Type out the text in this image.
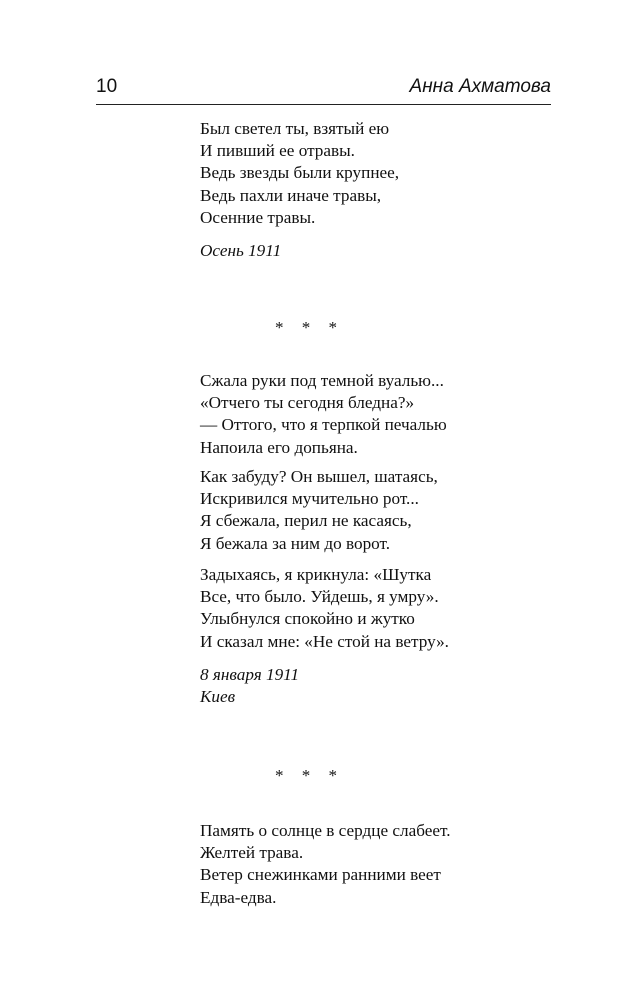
10	Анна Ахматова
Был светел ты, взятый ею
И пивший ее отравы.
Ведь звезды были крупнее,
Ведь пахли иначе травы,
Осенние травы.
Осень 1911
* * *
Сжала руки под темной вуалью...
«Отчего ты сегодня бледна?»
— Оттого, что я терпкой печалью
Напоила его допьяна.
Как забуду? Он вышел, шатаясь,
Искривился мучительно рот...
Я сбежала, перил не касаясь,
Я бежала за ним до ворот.
Задыхаясь, я крикнула: «Шутка
Все, что было. Уйдешь, я умру».
Улыбнулся спокойно и жутко
И сказал мне: «Не стой на ветру».
8 января 1911
Киев
* * *
Память о солнце в сердце слабеет.
Желтей трава.
Ветер снежинками ранними веет
Едва-едва.
